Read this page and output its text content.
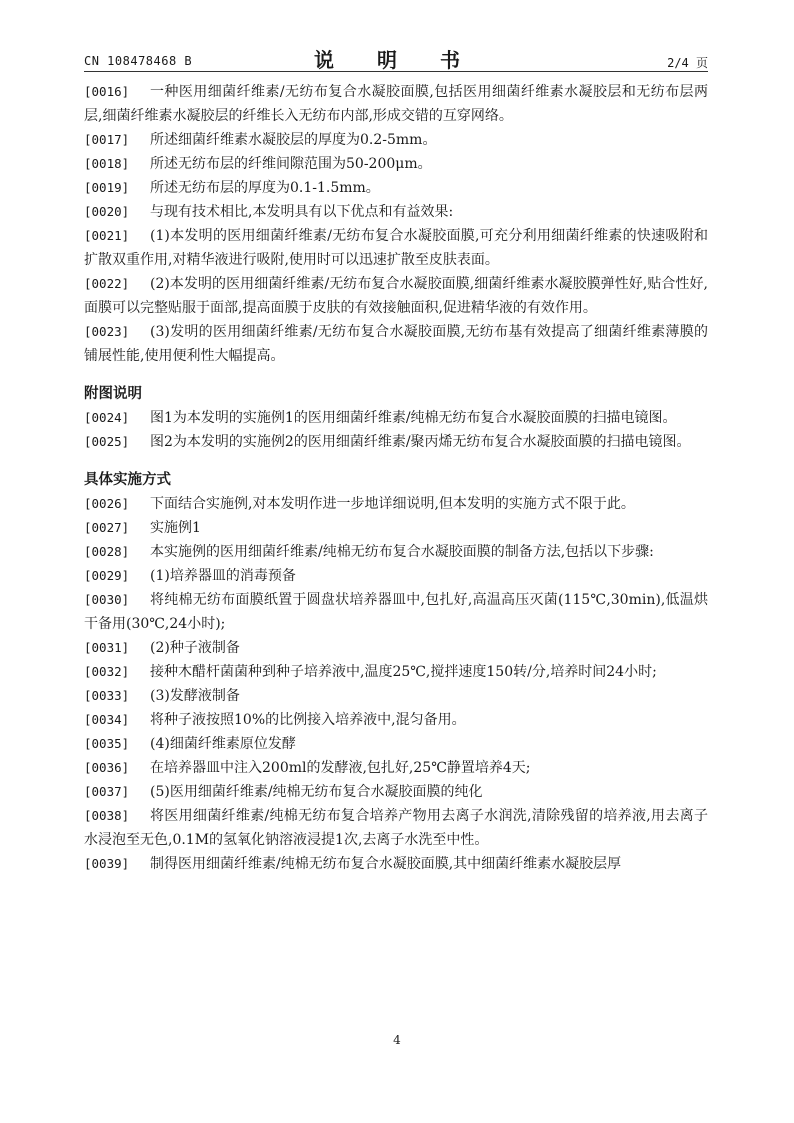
CN 108478468 B	说 明 书	2/4 页
[0016]	一种医用细菌纤维素/无纺布复合水凝胶面膜,包括医用细菌纤维素水凝胶层和无纺布层两层,细菌纤维素水凝胶层的纤维长入无纺布内部,形成交错的互穿网络。
[0017]	所述细菌纤维素水凝胶层的厚度为0.2-5mm。
[0018]	所述无纺布层的纤维间隙范围为50-200μm。
[0019]	所述无纺布层的厚度为0.1-1.5mm。
[0020]	与现有技术相比,本发明具有以下优点和有益效果:
[0021]	(1)本发明的医用细菌纤维素/无纺布复合水凝胶面膜,可充分利用细菌纤维素的快速吸附和扩散双重作用,对精华液进行吸附,使用时可以迅速扩散至皮肤表面。
[0022]	(2)本发明的医用细菌纤维素/无纺布复合水凝胶面膜,细菌纤维素水凝胶膜弹性好,贴合性好,面膜可以完整贴服于面部,提高面膜于皮肤的有效接触面积,促进精华液的有效作用。
[0023]	(3)发明的医用细菌纤维素/无纺布复合水凝胶面膜,无纺布基有效提高了细菌纤维素薄膜的铺展性能,使用便利性大幅提高。
附图说明
[0024]	图1为本发明的实施例1的医用细菌纤维素/纯棉无纺布复合水凝胶面膜的扫描电镜图。
[0025]	图2为本发明的实施例2的医用细菌纤维素/聚丙烯无纺布复合水凝胶面膜的扫描电镜图。
具体实施方式
[0026]	下面结合实施例,对本发明作进一步地详细说明,但本发明的实施方式不限于此。
[0027]	实施例1
[0028]	本实施例的医用细菌纤维素/纯棉无纺布复合水凝胶面膜的制备方法,包括以下步骤:
[0029]	(1)培养器皿的消毒预备
[0030]	将纯棉无纺布面膜纸置于圆盘状培养器皿中,包扎好,高温高压灭菌(115℃,30min),低温烘干备用(30℃,24小时);
[0031]	(2)种子液制备
[0032]	接种木醋杆菌菌种到种子培养液中,温度25℃,搅拌速度150转/分,培养时间24小时;
[0033]	(3)发酵液制备
[0034]	将种子液按照10%的比例接入培养液中,混匀备用。
[0035]	(4)细菌纤维素原位发酵
[0036]	在培养器皿中注入200ml的发酵液,包扎好,25℃静置培养4天;
[0037]	(5)医用细菌纤维素/纯棉无纺布复合水凝胶面膜的纯化
[0038]	将医用细菌纤维素/纯棉无纺布复合培养产物用去离子水润洗,清除残留的培养液,用去离子水浸泡至无色,0.1M的氢氧化钠溶液浸提1次,去离子水洗至中性。
[0039]	制得医用细菌纤维素/纯棉无纺布复合水凝胶面膜,其中细菌纤维素水凝胶层厚
4
